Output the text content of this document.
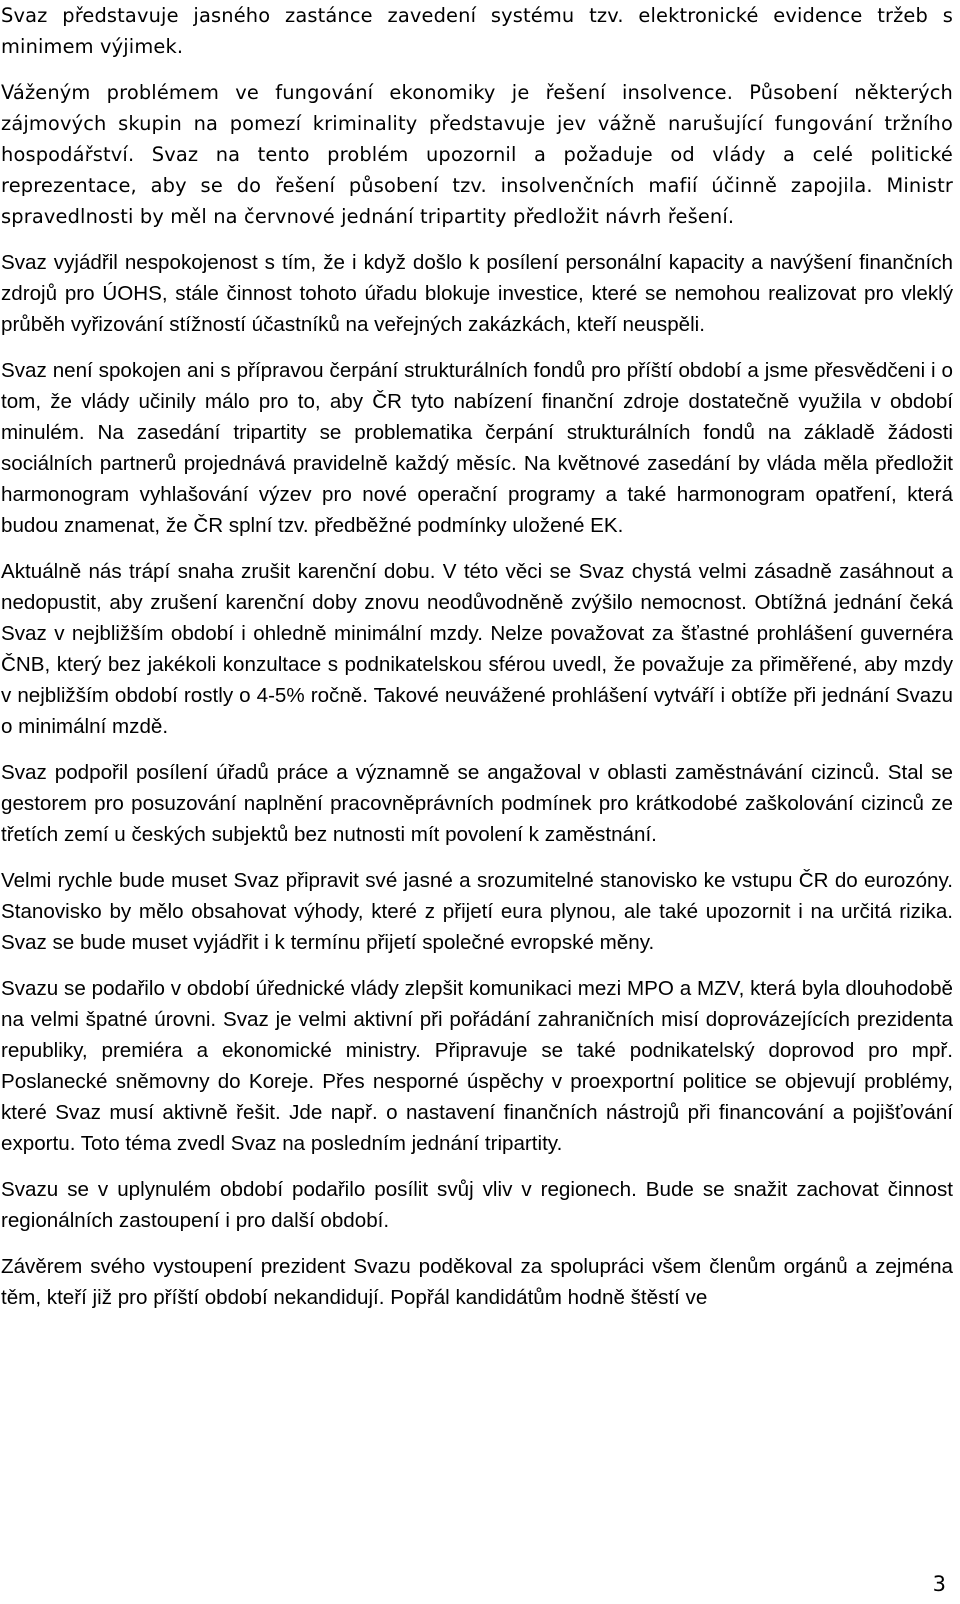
Svaz představuje jasného zastánce zavedení systému tzv. elektronické evidence tržeb s minimem výjimek.

Váženým problémem ve fungování ekonomiky je řešení insolvence. Působení některých zájmových skupin na pomezí kriminality představuje jev vážně narušující fungování tržního hospodářství. Svaz na tento problém upozornil a požaduje od vlády a celé politické reprezentace, aby se do řešení působení tzv. insolvenčních mafií účinně zapojila. Ministr spravedlnosti by měl na červnové jednání tripartity předložit návrh řešení.

Svaz vyjádřil nespokojenost s tím, že i když došlo k posílení personální kapacity a navýšení finančních zdrojů pro ÚOHS, stále činnost tohoto úřadu blokuje investice, které se nemohou realizovat pro vleklý průběh vyřizování stížností účastníků na veřejných zakázkách, kteří neuspěli.

Svaz není spokojen ani s přípravou čerpání strukturálních fondů pro příští období a jsme přesvědčeni i o tom, že vlády učinily málo pro to, aby ČR tyto nabízení finanční zdroje dostatečně využila v období minulém. Na zasedání tripartity se problematika čerpání strukturálních fondů na základě žádosti sociálních partnerů projednává pravidelně každý měsíc. Na květnové zasedání by vláda měla předložit harmonogram vyhlašování výzev pro nové operační programy a také harmonogram opatření, která budou znamenat, že ČR splní tzv. předběžné podmínky uložené EK.

Aktuálně nás trápí snaha zrušit karenční dobu. V této věci se Svaz chystá velmi zásadně zasáhnout a nedopustit, aby zrušení karenční doby znovu neodůvodněně zvýšilo nemocnost. Obtížná jednání čeká Svaz v nejbližším období i ohledně minimální mzdy. Nelze považovat za šťastné prohlášení guvernéra ČNB, který bez jakékoli konzultace s podnikatelskou sférou uvedl, že považuje za přiměřené, aby mzdy v nejbližším období rostly o 4-5% ročně. Takové neuvážené prohlášení vytváří i obtíže při jednání Svazu o minimální mzdě.

Svaz podpořil posílení úřadů práce a významně se angažoval v oblasti zaměstnávání cizinců. Stal se gestorem pro posuzování naplnění pracovněprávních podmínek pro krátkodobé zaškolování cizinců ze třetích zemí u českých subjektů bez nutnosti mít povolení k zaměstnání.

Velmi rychle bude muset Svaz připravit své jasné a srozumitelné stanovisko ke vstupu ČR do eurozóny. Stanovisko by mělo obsahovat výhody, které z přijetí eura plynou, ale také upozornit i na určitá rizika. Svaz se bude muset vyjádřit i k termínu přijetí společné evropské měny.

Svazu se podařilo v období úřednické vlády zlepšit komunikaci mezi MPO a MZV, která byla dlouhodobě na velmi špatné úrovni. Svaz je velmi aktivní při pořádání zahraničních misí doprovázejících prezidenta republiky, premiéra a ekonomické ministry. Připravuje se také podnikatelský doprovod pro mpř. Poslanecké sněmovny do Koreje. Přes nesporné úspěchy v proexportní politice se objevují problémy, které Svaz musí aktivně řešit. Jde např. o nastavení finančních nástrojů při financování a pojišťování exportu. Toto téma zvedl Svaz na posledním jednání tripartity.

Svazu se v uplynulém období podařilo posílit svůj vliv v regionech. Bude se snažit zachovat činnost regionálních zastoupení i pro další období.

Závěrem svého vystoupení prezident Svazu poděkoval za spolupráci všem členům orgánů a zejména těm, kteří již pro příští období nekandidují. Popřál kandidátům hodně štěstí ve

3
